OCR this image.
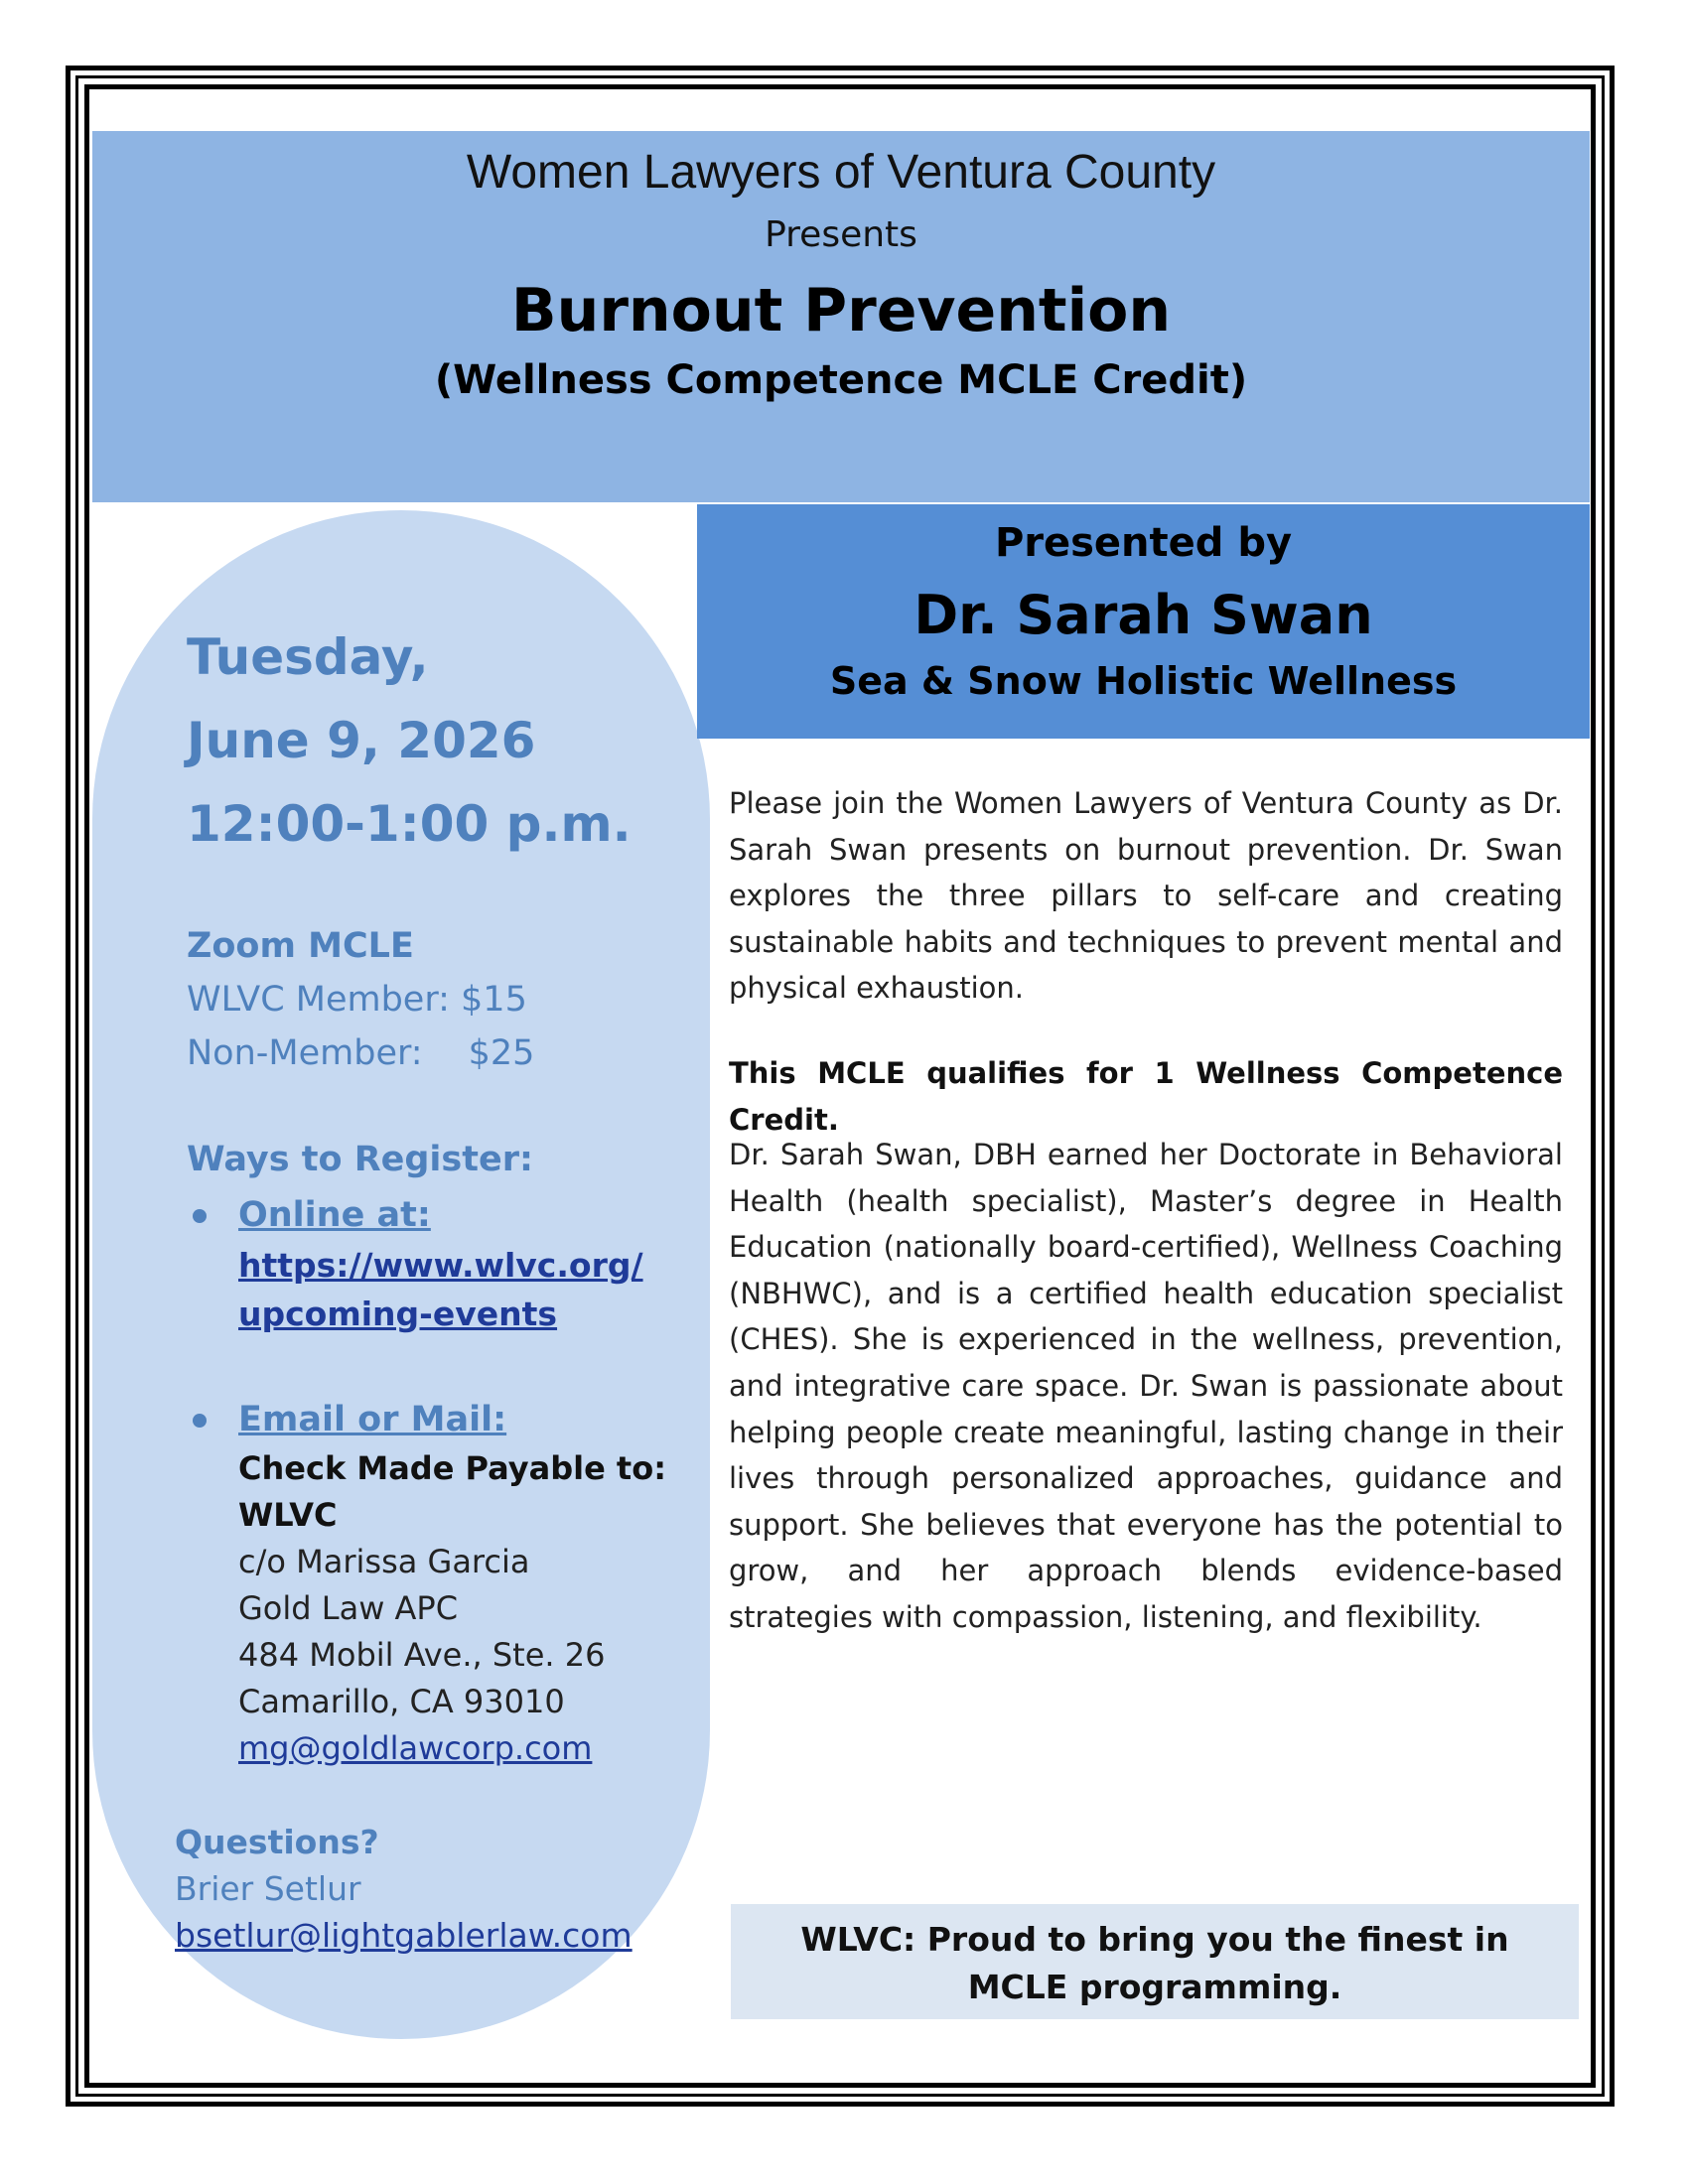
Women Lawyers of Ventura County
Presents
Burnout Prevention
(Wellness Competence MCLE Credit)
Presented by
Dr. Sarah Swan
Sea & Snow Holistic Wellness
Tuesday,
June 9, 2026
12:00-1:00 p.m.
Zoom MCLE
WLVC Member: $15
Non-Member: $25
Ways to Register:
Online at:
https://www.wlvc.org/
upcoming-events
Email or Mail:
Check Made Payable to:
WLVC
c/o Marissa Garcia
Gold Law APC
484 Mobil Ave., Ste. 26
Camarillo, CA 93010
mg@goldlawcorp.com
Questions?
Brier Setlur
bsetlur@lightgablerlaw.com
Please join the Women Lawyers of Ventura County as Dr. Sarah Swan presents on burnout prevention. Dr. Swan explores the three pillars to self-care and creating sustainable habits and techniques to prevent mental and physical exhaustion.
This MCLE qualifies for 1 Wellness Competence Credit.
Dr. Sarah Swan, DBH earned her Doctorate in Behavioral Health (health specialist), Master’s degree in Health Education (nationally board-certified), Wellness Coaching (NBHWC), and is a certified health education specialist (CHES). She is experienced in the wellness, prevention, and integrative care space. Dr. Swan is passionate about helping people create meaningful, lasting change in their lives through personalized approaches, guidance and support. She believes that everyone has the potential to grow, and her approach blends evidence-based strategies with compassion, listening, and flexibility.
WLVC: Proud to bring you the finest in
MCLE programming.
